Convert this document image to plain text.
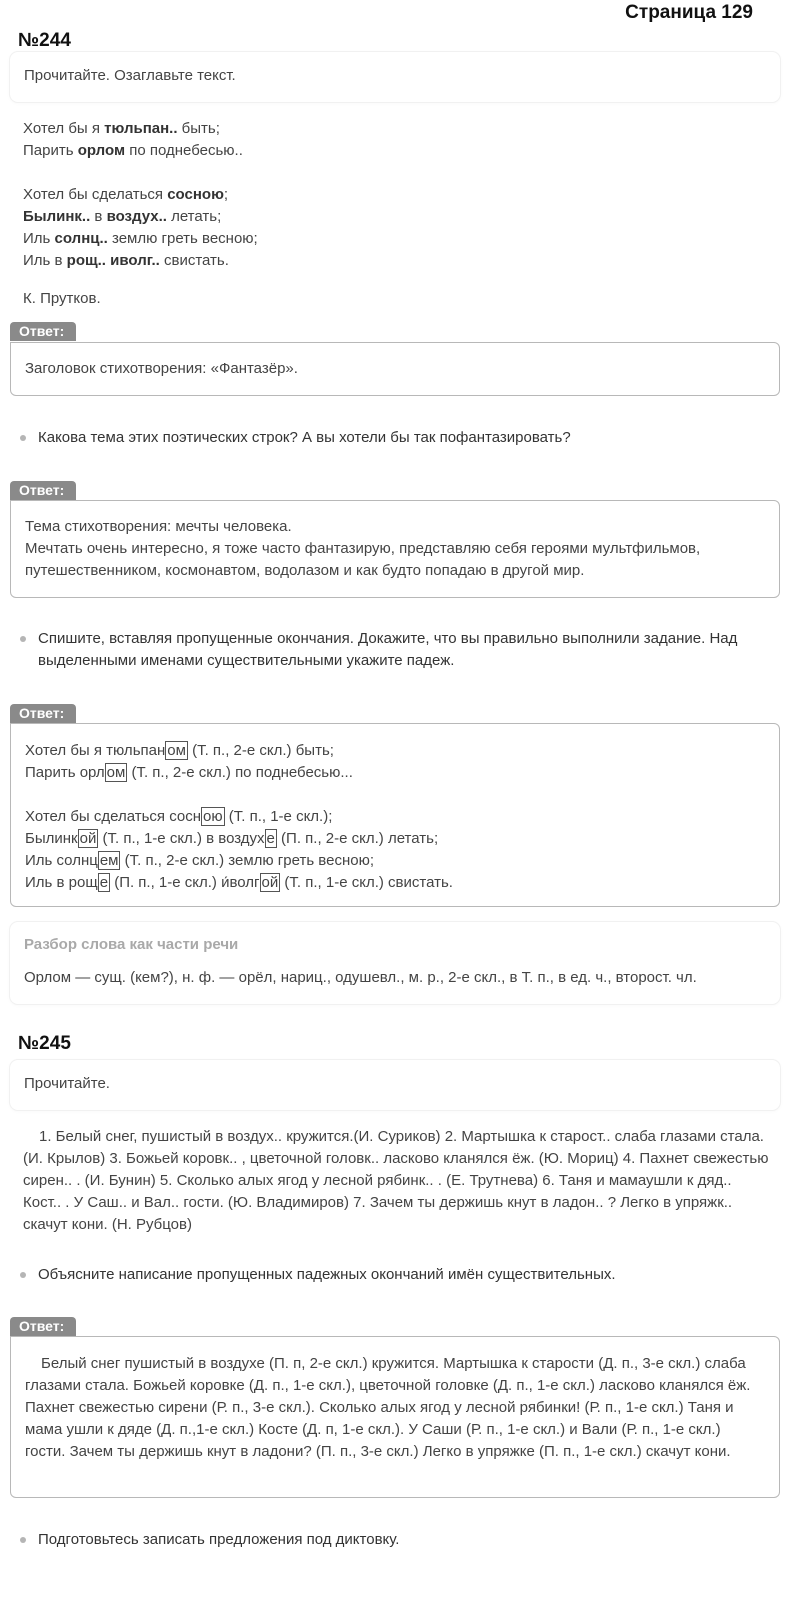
Страница 129
№244
Прочитайте. Озаглавьте текст.
Хотел бы я тюльпан.. быть;
Парить орлом по поднебесью..
Хотел бы сделаться сосною;
Былинк.. в воздух.. летать;
Иль солнц.. землю греть весною;
Иль в рощ.. иволг.. свистать.
К. Прутков.
Ответ:
Заголовок стихотворения: «Фантазёр».
Какова тема этих поэтических строк? А вы хотели бы так пофантазировать?
Ответ:
Тема стихотворения: мечты человека.
Мечтать очень интересно, я тоже часто фантазирую, представляю себя героями мультфильмов, путешественником, космонавтом, водолазом и как будто попадаю в другой мир.
Спишите, вставляя пропущенные окончания. Докажите, что вы правильно выполнили задание. Над выделенными именами существительными укажите падеж.
Ответ:
Хотел бы я тюльпан ом (Т. п., 2-е скл.) быть;
Парить орл ом (Т. п., 2-е скл.) по поднебесью...
Хотел бы сделаться сосн ою (Т. п., 1-е скл.);
Былинк ой (Т. п., 1-е скл.) в воздух е (П. п., 2-е скл.) летать;
Иль солнц ем (Т. п., 2-е скл.) землю греть весною;
Иль в рощ е (П. п., 1-е скл.) и́волг ой (Т. п., 1-е скл.) свистать.
Разбор слова как части речи
Орлом — сущ. (кем?), н. ф. — орёл, нариц., одушевл., м. р., 2-е скл., в Т. п., в ед. ч., второст. чл.
№245
Прочитайте.
1. Белый снег, пушистый в воздух.. кружится.(И. Суриков) 2. Мартышка к старост.. слаба глазами стала. (И. Крылов) 3. Божьей коровк.. , цветочной головк.. ласково кланялся ёж. (Ю. Мориц) 4. Пахнет свежестью сирен.. . (И. Бунин) 5. Сколько алых ягод у лесной рябинк.. . (Е. Трутнева) 6. Таня и мамаушли к дяд.. Кост.. . У Саш.. и Вал.. гости. (Ю. Владимиров) 7. Зачем ты держишь кнут в ладон.. ? Легко в упряжк.. скачут кони. (Н. Рубцов)
Объясните написание пропущенных падежных окончаний имён существительных.
Ответ:
Белый снег пушистый в воздухе (П. п, 2-е скл.) кружится. Мартышка к старости (Д. п., 3-е скл.) слаба глазами стала. Божьей коровке (Д. п., 1-е скл.), цветочной головке (Д. п., 1-е скл.) ласково кланялся ёж. Пахнет свежестью сирени (Р. п., 3-е скл.). Сколько алых ягод у лесной рябинки! (Р. п., 1-е скл.) Таня и мама ушли к дяде (Д. п.,1-е скл.) Косте (Д. п, 1-е скл.). У Саши (Р. п., 1-е скл.) и Вали (Р. п., 1-е скл.) гости. Зачем ты держишь кнут в ладони? (П. п., 3-е скл.) Легко в упряжке (П. п., 1-е скл.) скачут кони.
Подготовьтесь записать предложения под диктовку.
